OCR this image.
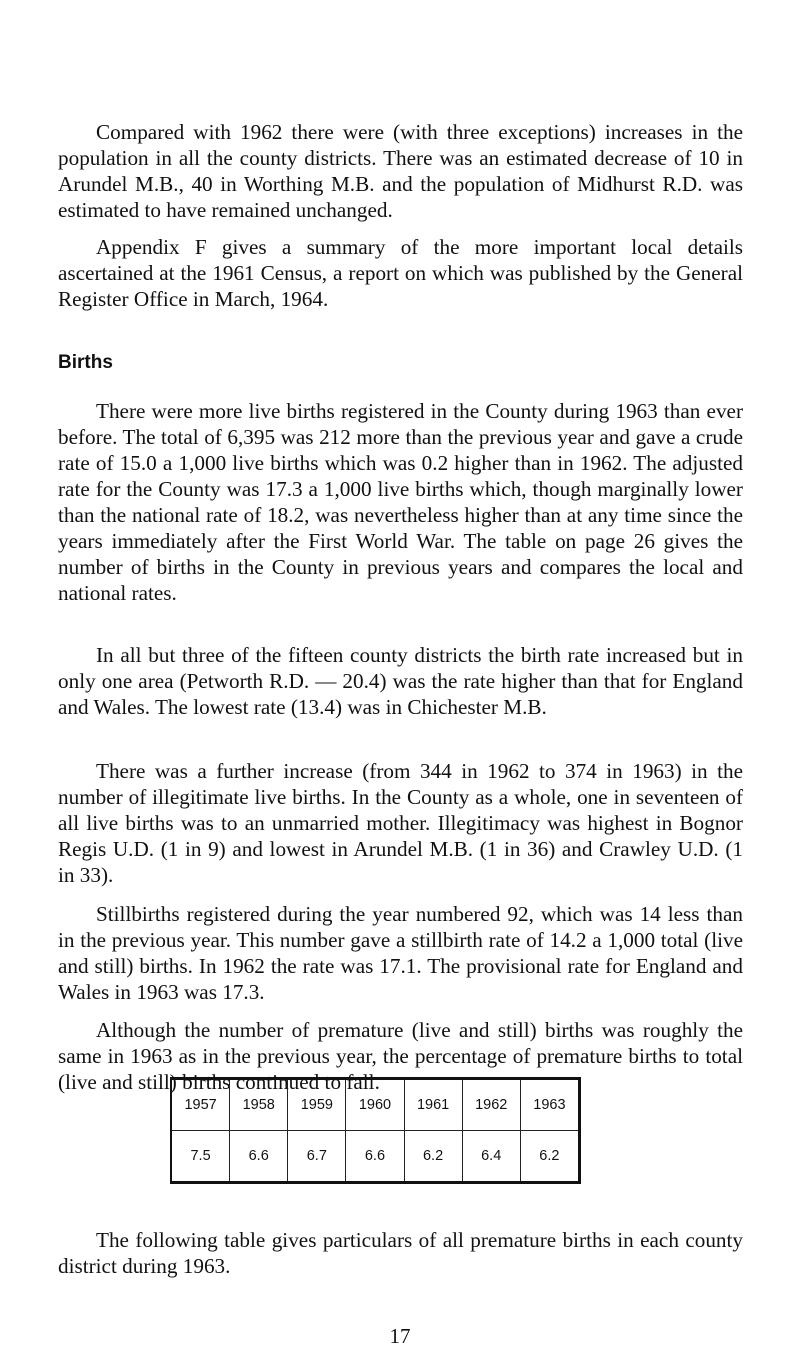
Compared with 1962 there were (with three exceptions) increases in the population in all the county districts. There was an estimated decrease of 10 in Arundel M.B., 40 in Worthing M.B. and the population of Midhurst R.D. was estimated to have remained unchanged.

Appendix F gives a summary of the more important local details ascertained at the 1961 Census, a report on which was published by the General Register Office in March, 1964.

Births

There were more live births registered in the County during 1963 than ever before. The total of 6,395 was 212 more than the previous year and gave a crude rate of 15.0 a 1,000 live births which was 0.2 higher than in 1962. The adjusted rate for the County was 17.3 a 1,000 live births which, though marginally lower than the national rate of 18.2, was nevertheless higher than at any time since the years immediately after the First World War. The table on page 26 gives the number of births in the County in previous years and compares the local and national rates.

In all but three of the fifteen county districts the birth rate increased but in only one area (Petworth R.D. — 20.4) was the rate higher than that for England and Wales. The lowest rate (13.4) was in Chichester M.B.

There was a further increase (from 344 in 1962 to 374 in 1963) in the number of illegitimate live births. In the County as a whole, one in seventeen of all live births was to an unmarried mother. Illegitimacy was highest in Bognor Regis U.D. (1 in 9) and lowest in Arundel M.B. (1 in 36) and Crawley U.D. (1 in 33).

Stillbirths registered during the year numbered 92, which was 14 less than in the previous year. This number gave a stillbirth rate of 14.2 a 1,000 total (live and still) births. In 1962 the rate was 17.1. The provisional rate for England and Wales in 1963 was 17.3.

Although the number of premature (live and still) births was roughly the same in 1963 as in the previous year, the percentage of premature births to total (live and still) births continued to fall.

1957	1958	1959	1960	1961	1962	1963
7.5	6.6	6.7	6.6	6.2	6.4	6.2

The following table gives particulars of all premature births in each county district during 1963.

17
